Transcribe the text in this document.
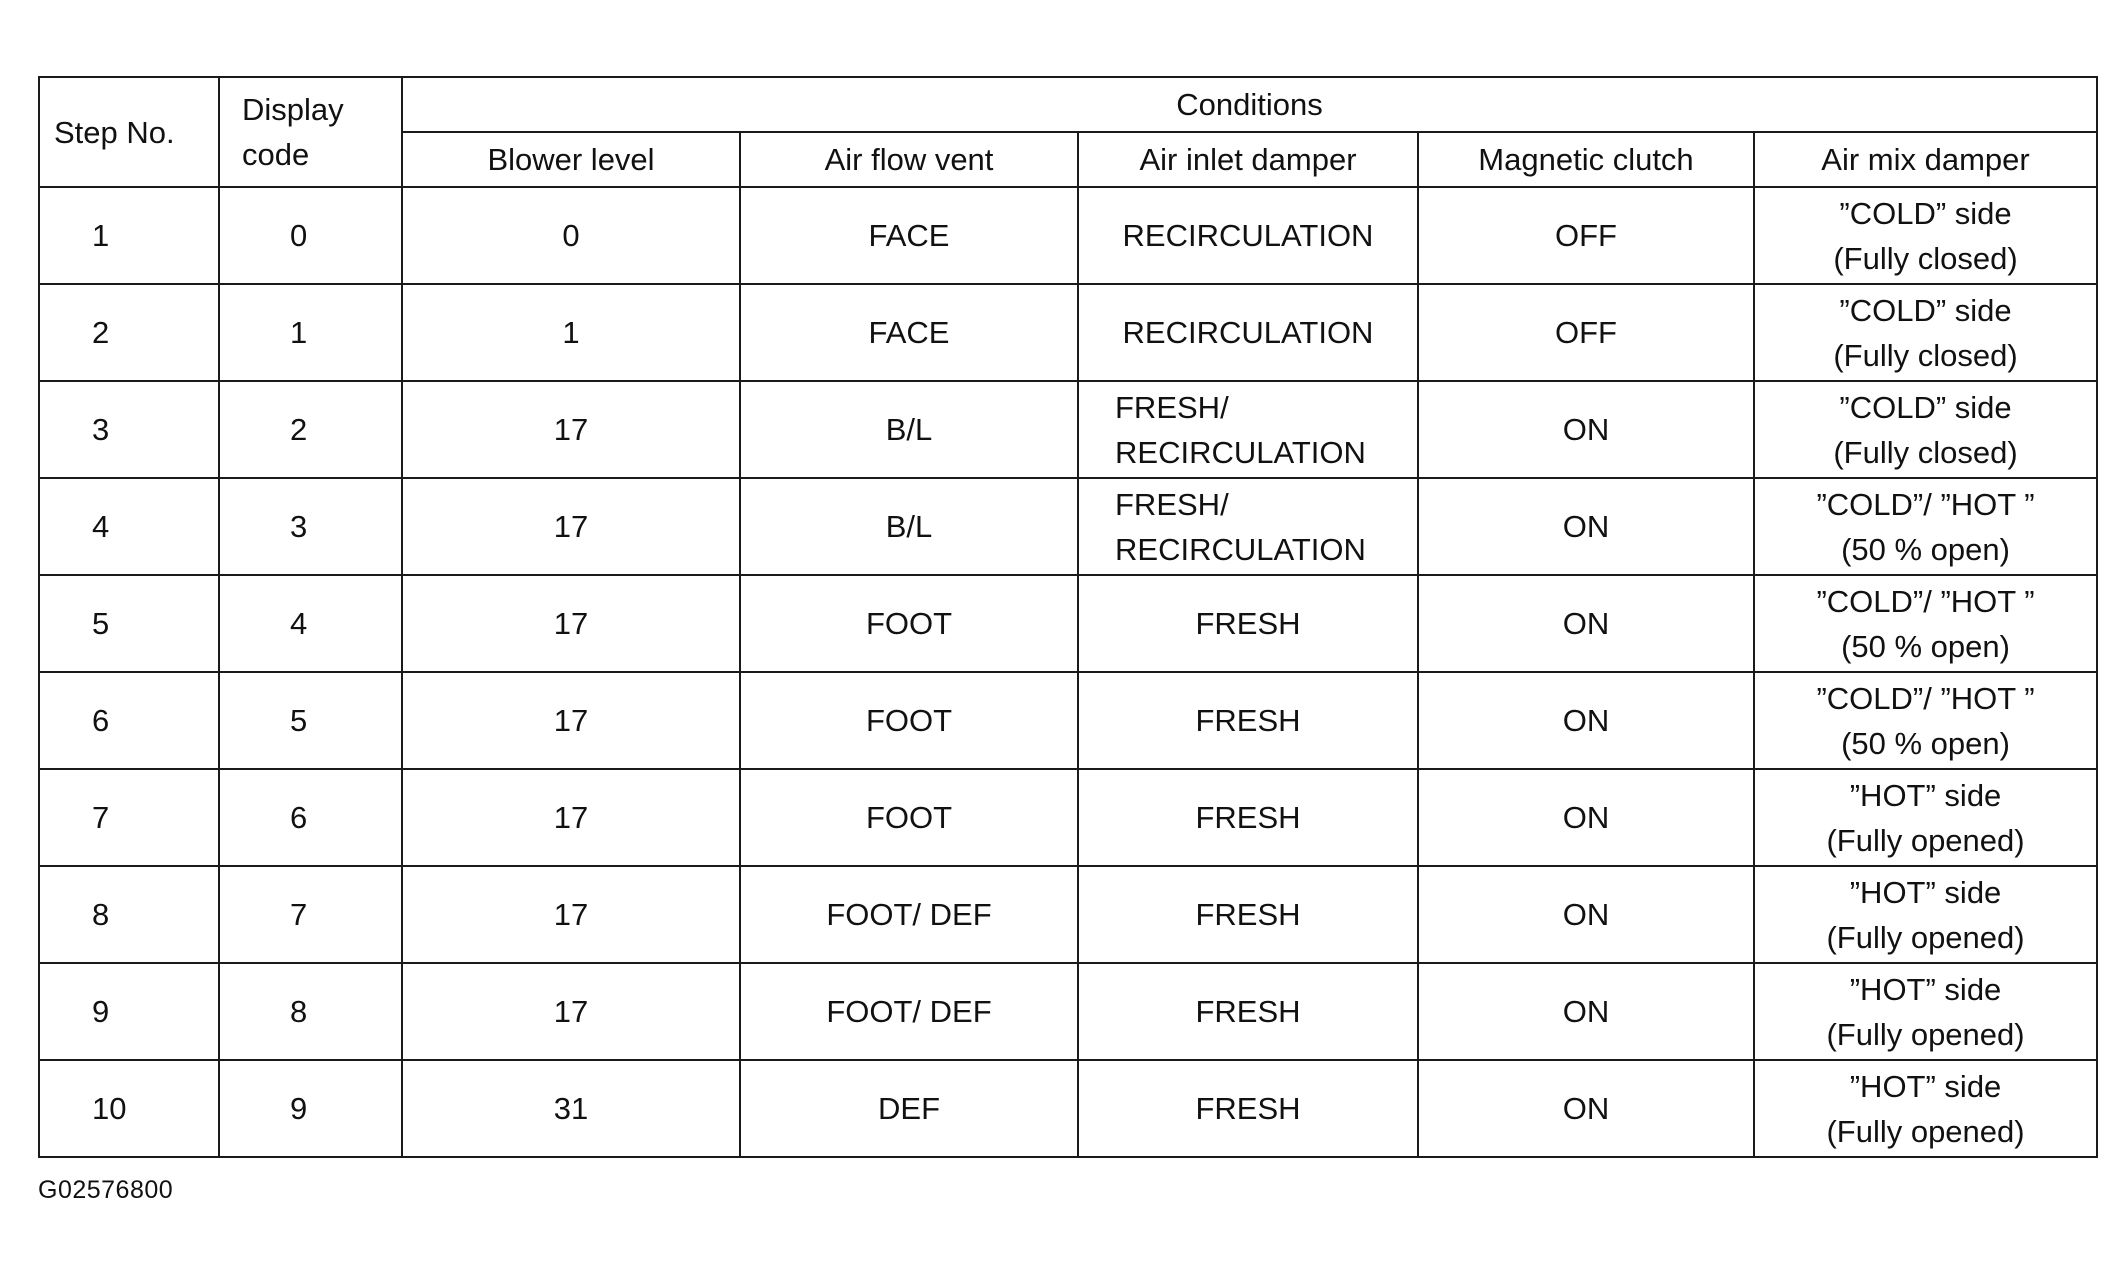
Step No.	Display
code	Conditions				
		Blower level	Air flow vent	Air inlet damper	Magnetic clutch	Air mix damper
1	0	0	FACE	RECIRCULATION	OFF	”COLD” side
(Fully closed)

2	1	1	FACE	RECIRCULATION	OFF	”COLD” side
(Fully closed)

3	2	17	B/L	FRESH/
RECIRCULATION	ON	”COLD” side
(Fully closed)

4	3	17	B/L	FRESH/
RECIRCULATION	ON	”COLD”/ ”HOT ”
(50 % open)

5	4	17	FOOT	FRESH	ON	”COLD”/ ”HOT ”
(50 % open)

6	5	17	FOOT	FRESH	ON	”COLD”/ ”HOT ”
(50 % open)

7	6	17	FOOT	FRESH	ON	”HOT” side
(Fully opened)

8	7	17	FOOT/ DEF	FRESH	ON	”HOT” side
(Fully opened)

9	8	17	FOOT/ DEF	FRESH	ON	”HOT” side
(Fully opened)

10	9	31	DEF	FRESH	ON	”HOT” side
(Fully opened)
G02576800
